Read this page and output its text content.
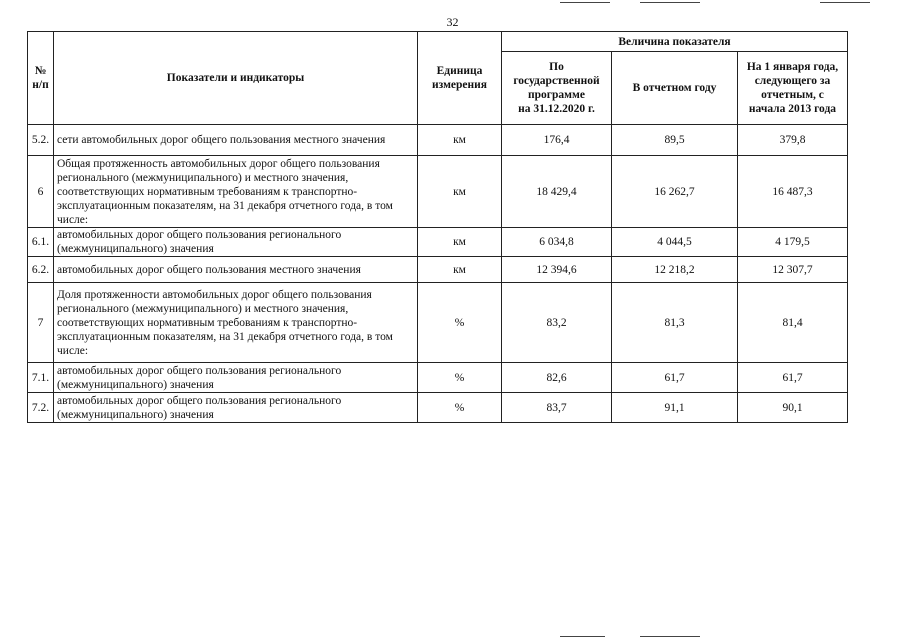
32
№
н/п	Показатели и индикаторы	Единица
измерения	Величина показателя		
			По
государственной
программе
на 31.12.2020 г.	В отчетном году	На 1 января года,
следующего за
отчетным, с
начала 2013 года
5.2.	сети автомобильных дорог общего пользования местного значения	км	176,4	89,5	379,8
6	Общая протяженность автомобильных дорог общего пользования регионального (межмуниципального) и местного значения, соответствующих нормативным требованиям к транспортно-эксплуатационным показателям, на 31 декабря отчетного года, в том числе:	км	18 429,4	16 262,7	16 487,3
6.1.	автомобильных дорог общего пользования регионального (межмуниципального) значения	км	6 034,8	4 044,5	4 179,5
6.2.	автомобильных дорог общего пользования местного значения	км	12 394,6	12 218,2	12 307,7
7	Доля протяженности автомобильных дорог общего пользования регионального (межмуниципального) и местного значения, соответствующих нормативным требованиям к транспортно-эксплуатационным показателям, на 31 декабря отчетного года, в том числе:	%	83,2	81,3	81,4
7.1.	автомобильных дорог общего пользования регионального (межмуниципального) значения	%	82,6	61,7	61,7
7.2.	автомобильных дорог общего пользования регионального (межмуниципального) значения	%	83,7	91,1	90,1
